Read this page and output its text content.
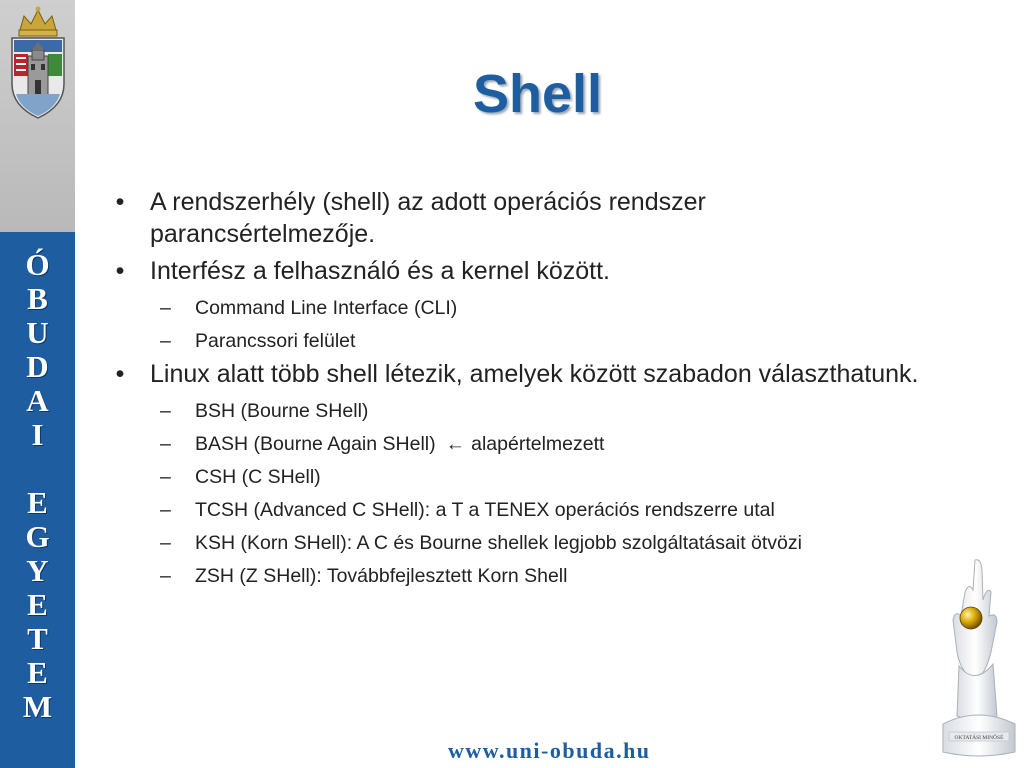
Ó
B
U
D
A
I
E
G
Y
E
T
E
M
Shell
• A rendszerhély (shell) az adott operációs rendszer parancsértelmezője.
• Interfész a felhasználó és a kernel között.
– Command Line Interface (CLI)
– Parancssori felület
• Linux alatt több shell létezik, amelyek között szabadon választhatunk.
– BSH (Bourne SHell)
– BASH (Bourne Again SHell) ← alapértelmezett
– CSH (C SHell)
– TCSH (Advanced C SHell): a T a TENEX operációs rendszerre utal
– KSH (Korn SHell): A C és Bourne shellek legjobb szolgáltatásait ötvözi
– ZSH (Z SHell): Továbbfejlesztett Korn Shell
OKTATÁSI MINŐSÉ

www.uni-obuda.hu
